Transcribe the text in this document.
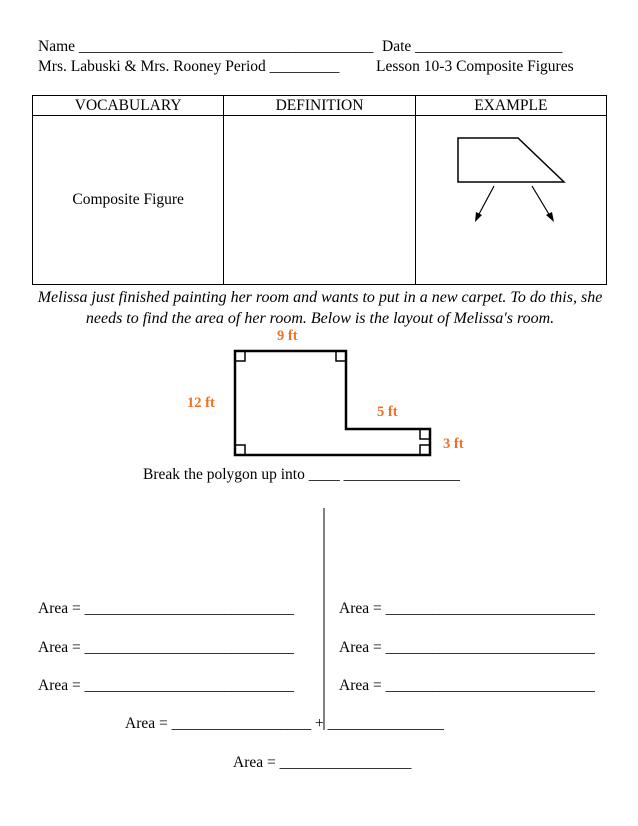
Name ______________________________________ Date ___________________
Mrs. Labuski & Mrs. Rooney Period _________ Lesson 10-3 Composite Figures
VOCABULARY	DEFINITION	EXAMPLE
Composite Figure		
Melissa just finished painting her room and wants to put in a new carpet. To do this, she needs to find the area of her room. Below is the layout of Melissa's room.
9 ft
12 ft
5 ft
3 ft
Break the polygon up into ____ _______________
Area = ___________________________
Area = ___________________________
Area = ___________________________
Area = ___________________________
Area = ___________________________
Area = ___________________________
Area = __________________ + _______________
Area = _________________
